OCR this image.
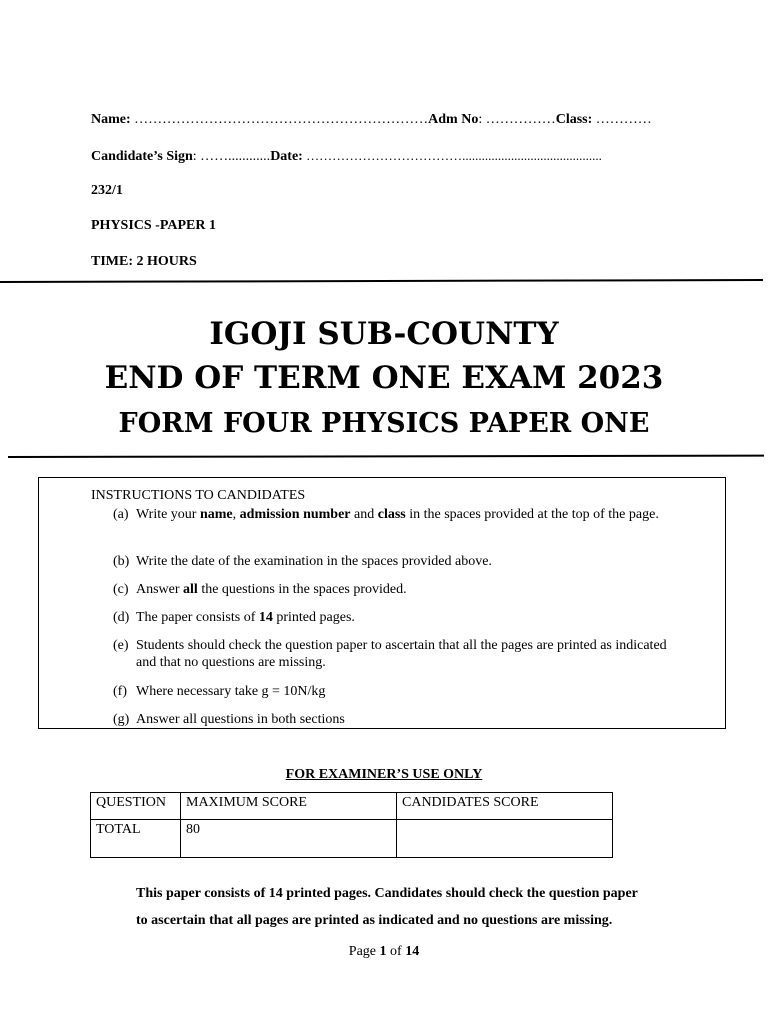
Name: ………………………………………………………Adm No: ……………Class: …………
Candidate’s Sign: ……............Date: ………………………………...........................................
232/1
PHYSICS -PAPER 1
TIME: 2 HOURS
IGOJI SUB-COUNTY
END OF TERM ONE EXAM 2023
FORM FOUR PHYSICS PAPER ONE
INSTRUCTIONS TO CANDIDATES
(a) Write your name, admission number and class in the spaces provided at the top of the page.
(b) Write the date of the examination in the spaces provided above.
(c) Answer all the questions in the spaces provided.
(d) The paper consists of 14 printed pages.
(e) Students should check the question paper to ascertain that all the pages are printed as indicated and that no questions are missing.
(f) Where necessary take g = 10N/kg
(g) Answer all questions in both sections
FOR EXAMINER’S USE ONLY
QUESTION	MAXIMUM SCORE	CANDIDATES SCORE
TOTAL	80	
This paper consists of 14 printed pages. Candidates should check the question paper
to ascertain that all pages are printed as indicated and no questions are missing.
Page 1 of 14
